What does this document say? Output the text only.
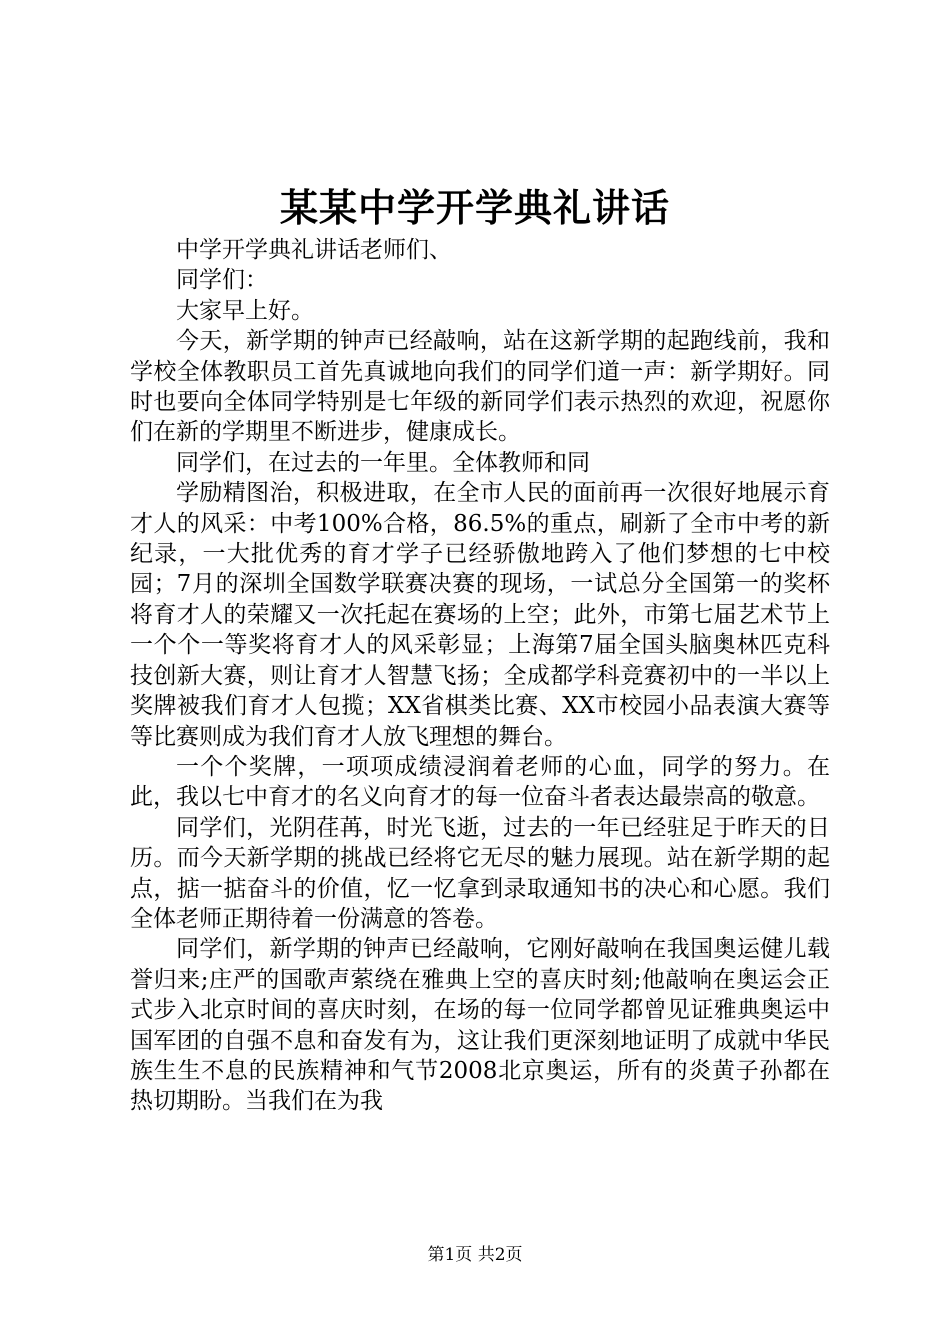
某某中学开学典礼讲话

中学开学典礼讲话老师们、

同学们：

大家早上好。

今天，新学期的钟声已经敲响，站在这新学期的起跑线前，我和学校全体教职员工首先真诚地向我们的同学们道一声：新学期好。同时也要向全体同学特别是七年级的新同学们表示热烈的欢迎，祝愿你们在新的学期里不断进步，健康成长。

同学们，在过去的一年里。全体教师和同

学励精图治，积极进取，在全市人民的面前再一次很好地展示育才人的风采：中考100%合格，86.5%的重点，刷新了全市中考的新纪录，一大批优秀的育才学子已经骄傲地跨入了他们梦想的七中校园；7月的深圳全国数学联赛决赛的现场，一试总分全国第一的奖杯将育才人的荣耀又一次托起在赛场的上空；此外，市第七届艺术节上一个个一等奖将育才人的风采彰显；上海第7届全国头脑奥林匹克科技创新大赛，则让育才人智慧飞扬；全成都学科竞赛初中的一半以上奖牌被我们育才人包揽；XX省棋类比赛、XX市校园小品表演大赛等等比赛则成为我们育才人放飞理想的舞台。

一个个奖牌，一项项成绩浸润着老师的心血，同学的努力。在此，我以七中育才的名义向育才的每一位奋斗者表达最崇高的敬意。

同学们，光阴荏苒，时光飞逝，过去的一年已经驻足于昨天的日历。而今天新学期的挑战已经将它无尽的魅力展现。站在新学期的起点，掂一掂奋斗的价值，忆一忆拿到录取通知书的决心和心愿。我们全体老师正期待着一份满意的答卷。

同学们，新学期的钟声已经敲响，它刚好敲响在我国奥运健儿载誉归来;庄严的国歌声萦绕在雅典上空的喜庆时刻;他敲响在奥运会正式步入北京时间的喜庆时刻，在场的每一位同学都曾见证雅典奥运中国军团的自强不息和奋发有为，这让我们更深刻地证明了成就中华民族生生不息的民族精神和气节2008北京奥运，所有的炎黄子孙都在热切期盼。当我们在为我

第1页 共2页
